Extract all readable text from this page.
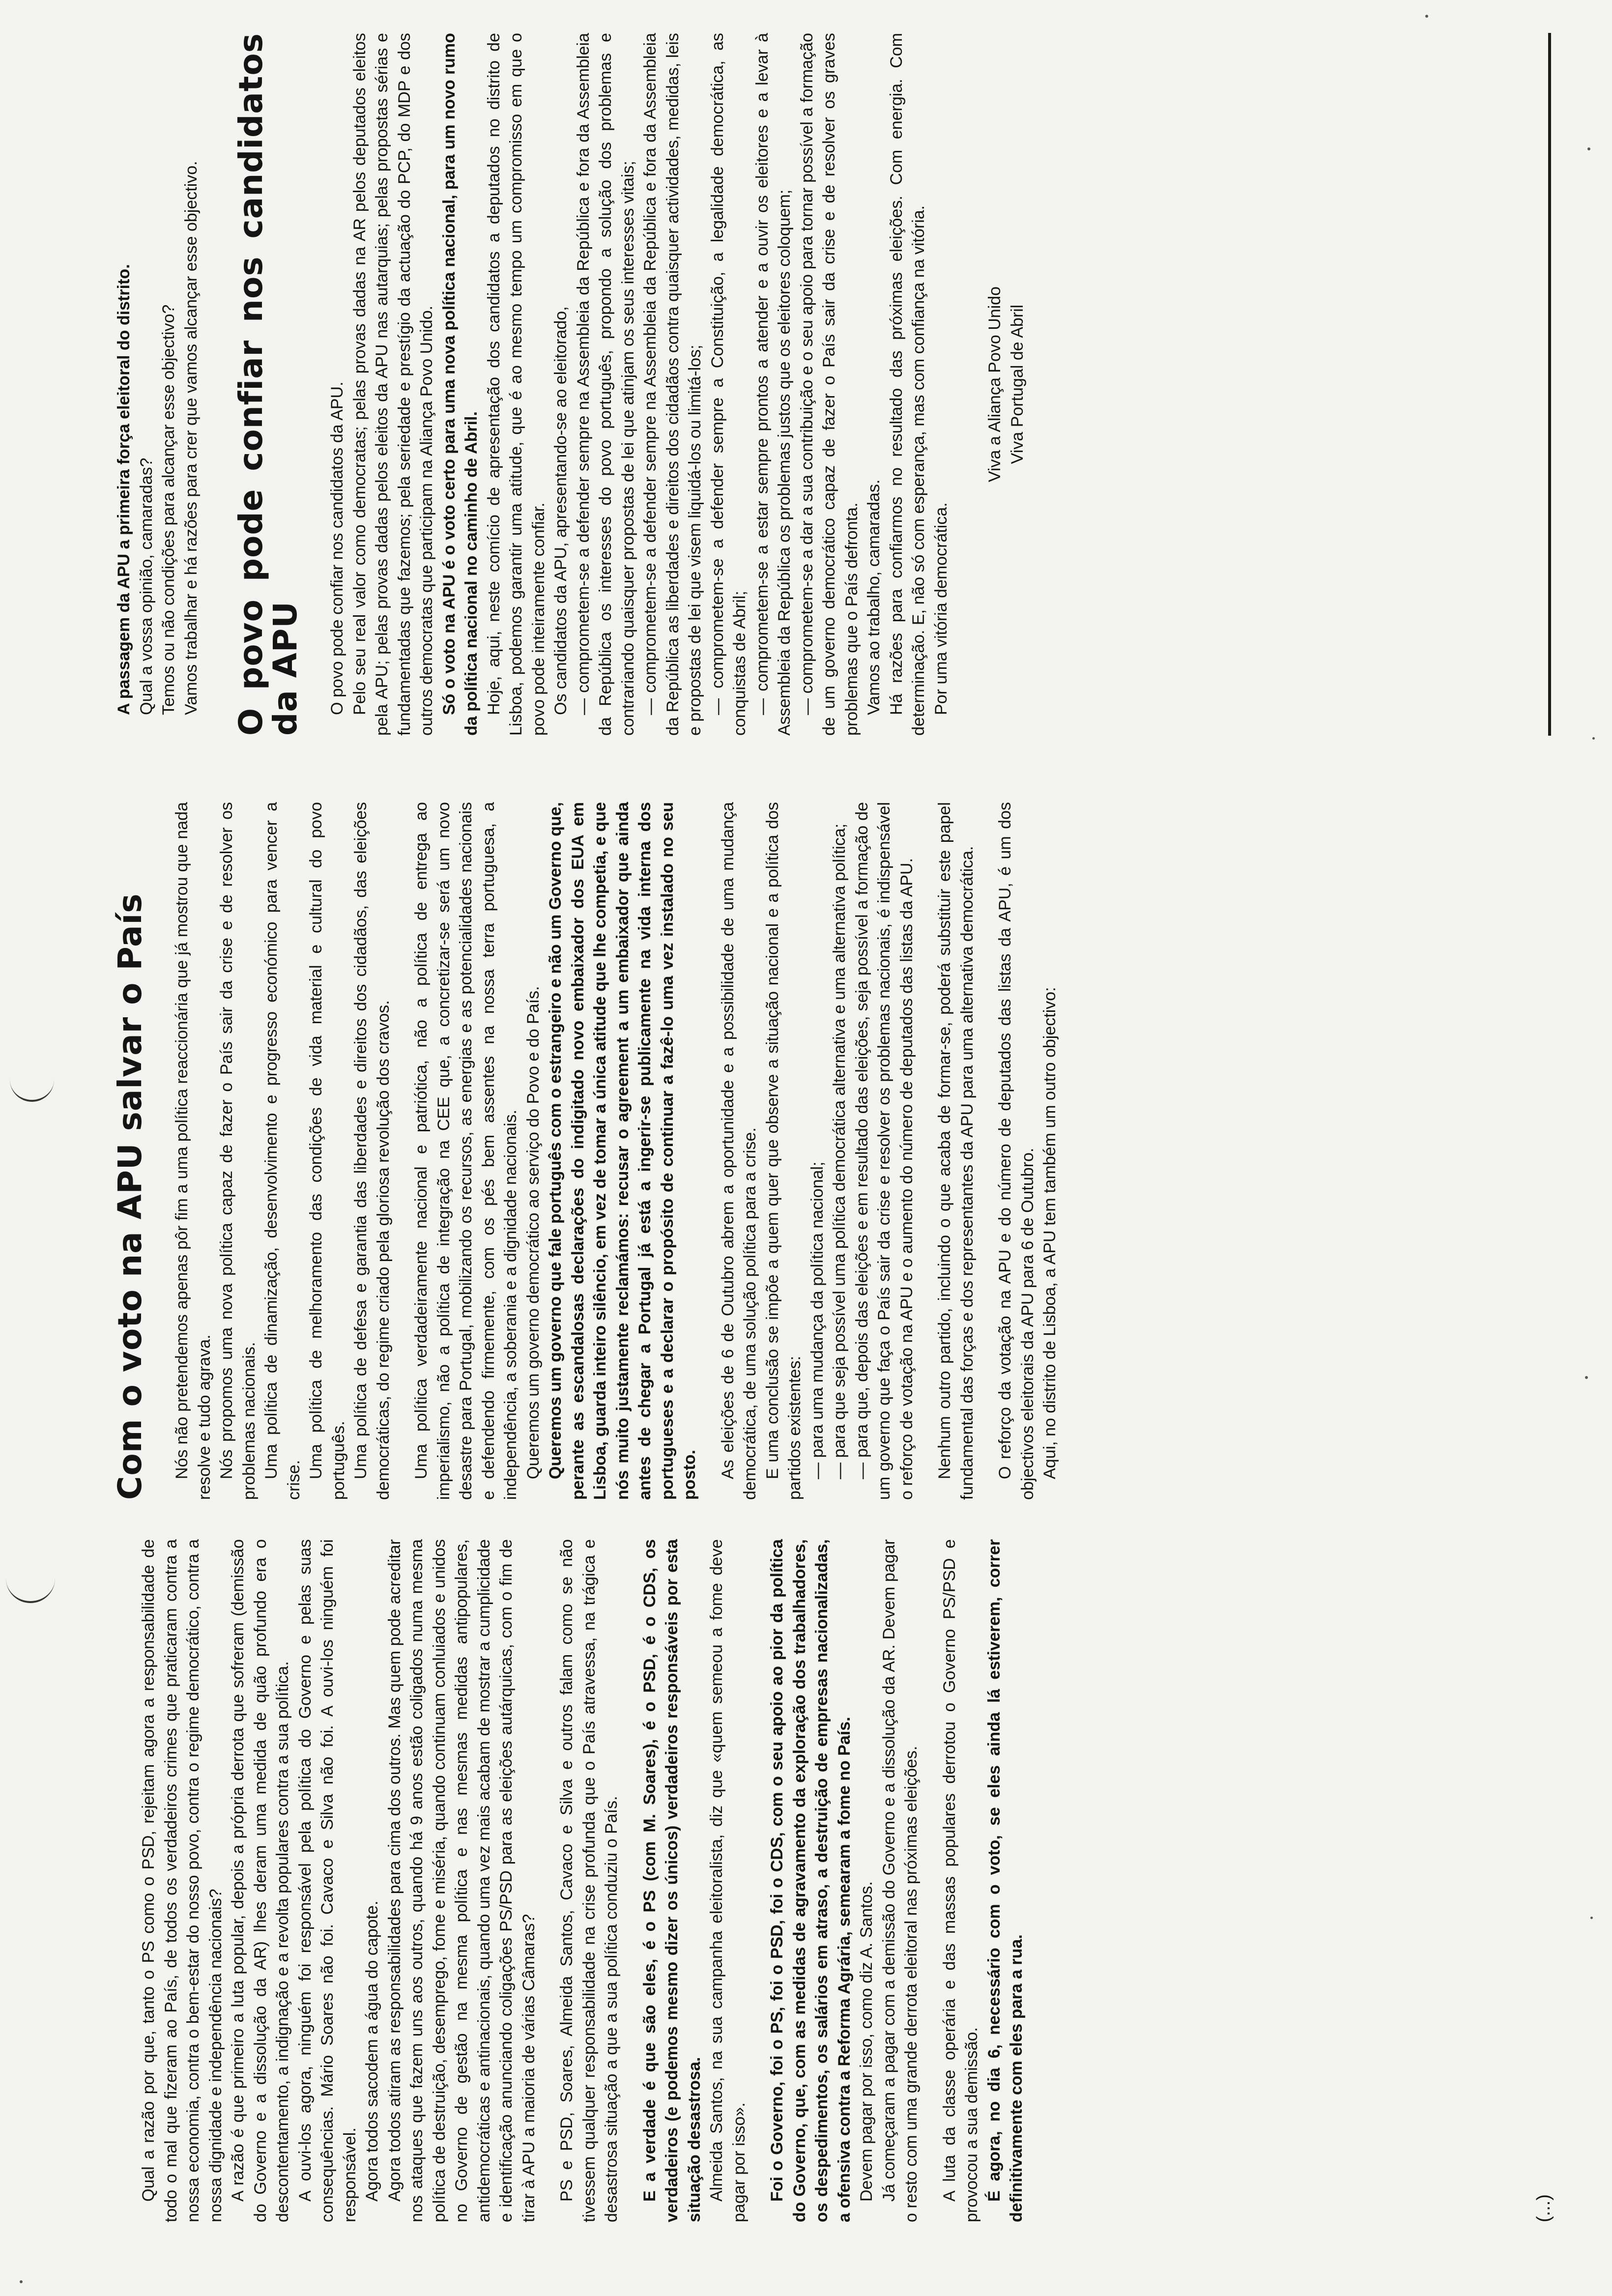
Qual a razão por que, tanto o PS como o PSD, rejeitam agora a responsabilidade de todo o mal que fizeram ao País, de todos os verdadeiros crimes que praticaram contra a nossa economia, contra o bem-estar do nosso povo, contra o regime democrático, contra a nossa dignidade e independência nacionais? A razão é que primeiro a luta popular, depois a própria derrota que sofreram (demissão do Governo e a dissolução da AR) lhes deram uma medida de quão profundo era o descontentamento, a indignação e a revolta populares contra a sua política. A ouvi-los agora, ninguém foi responsável pela política do Governo e pelas suas consequências. Mário Soares não foi. Cavaco e Silva não foi. A ouvi-los ninguém foi responsável. Agora todos sacodem a água do capote. Agora todos atiram as responsabilidades para cima dos outros. Mas quem pode acreditar nos ataques que fazem uns aos outros, quando há 9 anos estão coligados numa mesma política de destruição, desemprego, fome e miséria, quando continuam conluiados e unidos no Governo de gestão na mesma política e nas mesmas medidas antipopulares, antidemocráticas e antinacionais, quando uma vez mais acabam de mostrar a cumplicidade e identificação anunciando coligações PS/PSD para as eleições autárquicas, com o fim de tirar à APU a maioria de várias Câmaras? PS e PSD, Soares, Almeida Santos, Cavaco e Silva e outros falam como se não tivessem qualquer responsabilidade na crise profunda que o País atravessa, na trágica e desastrosa situação a que a sua política conduziu o País. E a verdade é que são eles, é o PS (com M. Soares), é o PSD, é o CDS, os verdadeiros (e podemos mesmo dizer os únicos) verdadeiros responsáveis por esta situação desastrosa. Almeida Santos, na sua campanha eleitoralista, diz que «quem semeou a fome deve pagar por isso». Foi o Governo, foi o PS, foi o PSD, foi o CDS, com o seu apoio ao pior da política do Governo, que, com as medidas de agravamento da exploração dos trabalhadores, os despedimentos, os salários em atraso, a destruição de empresas nacionalizadas, a ofensiva contra a Reforma Agrária, semearam a fome no País. Devem pagar por isso, como diz A. Santos. Já começaram a pagar com a demissão do Governo e a dissolução da AR. Devem pagar o resto com uma grande derrota eleitoral nas próximas eleições. A luta da classe operária e das massas populares derrotou o Governo PS/PSD e provocou a sua demissão. É agora, no dia 6, necessário com o voto, se eles ainda lá estiverem, correr definitivamente com eles para a rua.	(...)
Com o voto na APU salvar o País Nós não pretendemos apenas pôr fim a uma política reaccionária que já mostrou que nada resolve e tudo agrava. Nós propomos uma nova política capaz de fazer o País sair da crise e de resolver os problemas nacionais. Uma política de dinamização, desenvolvimento e progresso económico para vencer a crise.

Uma política de melhoramento das condições de vida material e cultural do povo português. Uma política de defesa e garantia das liberdades e direitos dos cidadãos, das eleições democráticas, do regime criado pela gloriosa revolução dos cravos. Uma política verdadeiramente nacional e patriótica, não a política de entrega ao imperialismo, não a política de integração na CEE que, a concretizar-se será um novo desastre para Portugal, mobilizando os recursos, as energias e as potencialidades nacionais e defendendo firmemente, com os pés bem assentes na nossa terra portuguesa, a independência, a soberania e a dignidade nacionais. Queremos um governo democrático ao serviço do Povo e do País. Queremos um governo que fale português com o estrangeiro e não um Governo que, perante as escandalosas declarações do indigitado novo embaixador dos EUA em Lisboa, guarda inteiro silêncio, em vez de tomar a única atitude que lhe competia, e que nós muito justamente reclamámos: recusar o agreement a um embaixador que ainda antes de chegar a Portugal já está a ingerir-se publicamente na vida interna dos portugueses e a declarar o propósito de continuar a fazê-lo uma vez instalado no seu posto. As eleições de 6 de Outubro abrem a oportunidade e a possibilidade de uma mudança democrática, de uma solução política para a crise. E uma conclusão se impõe a quem quer que observe a situação nacional e a política dos partidos existentes: — para uma mudança da política nacional; — para que seja possível uma política democrática alternativa e uma alternativa política; — para que, depois das eleições e em resultado das eleições, seja possível a formação de um governo que faça o País sair da crise e resolver os problemas nacionais, é indispensável o reforço de votação na APU e o aumento do número de deputados das listas da APU. Nenhum outro partido, incluindo o que acaba de formar-se, poderá substituir este papel fundamental das forças e dos representantes da APU para uma alternativa democrática. O reforço da votação na APU e do número de deputados das listas da APU, é um dos objectivos eleitorais da APU para 6 de Outubro. Aqui, no distrito de Lisboa, a APU tem também um outro objectivo:

A passagem da APU a primeira força eleitoral do distrito. Qual a vossa opinião, camaradas? Temos ou não condições para alcançar esse objectivo? Vamos trabalhar e há razões para crer que vamos alcançar esse objectivo. O povo pode confiar nos candidatos da APU O povo pode confiar nos candidatos da APU. Pelo seu real valor como democratas; pelas provas dadas na AR pelos deputados eleitos pela APU; pelas provas dadas pelos eleitos da APU nas autarquias; pelas propostas sérias e fundamentadas que fazemos; pela seriedade e prestígio da actuação do PCP, do MDP e dos outros democratas que participam na Aliança Povo Unido. Só o voto na APU é o voto certo para uma nova política nacional, para um novo rumo da política nacional no caminho de Abril. Hoje, aqui, neste comício de apresentação dos candidatos a deputados no distrito de Lisboa, podemos garantir uma atitude, que é ao mesmo tempo um compromisso em que o povo pode inteiramente confiar. Os candidatos da APU, apresentando-se ao eleitorado, — comprometem-se a defender sempre na Assembleia da República e fora da Assembleia da República os interesses do povo português, propondo a solução dos problemas e contrariando quaisquer propostas de lei que atinjam os seus interesses vitais; — comprometem-se a defender sempre na Assembleia da República e fora da Assembleia da República as liberdades e direitos dos cidadãos contra quaisquer actividades, medidas, leis e propostas de lei que visem liquidá-los ou limitá-los; — comprometem-se a defender sempre a Constituição, a legalidade democrática, as conquistas de Abril; — comprometem-se a estar sempre prontos a atender e a ouvir os eleitores e a levar à Assembleia da República os problemas justos que os eleitores coloquem; — comprometem-se a dar a sua contribuição e o seu apoio para tornar possível a formação de um governo democrático capaz de fazer o País sair da crise e de resolver os graves problemas que o País defronta. Vamos ao trabalho, camaradas. Há razões para confiarmos no resultado das próximas eleições. Com energia. Com determinação. E, não só com esperança, mas com confiança na vitória. Por uma vitória democrática.

Viva a Aliança Povo Unido Viva Portugal de Abril
